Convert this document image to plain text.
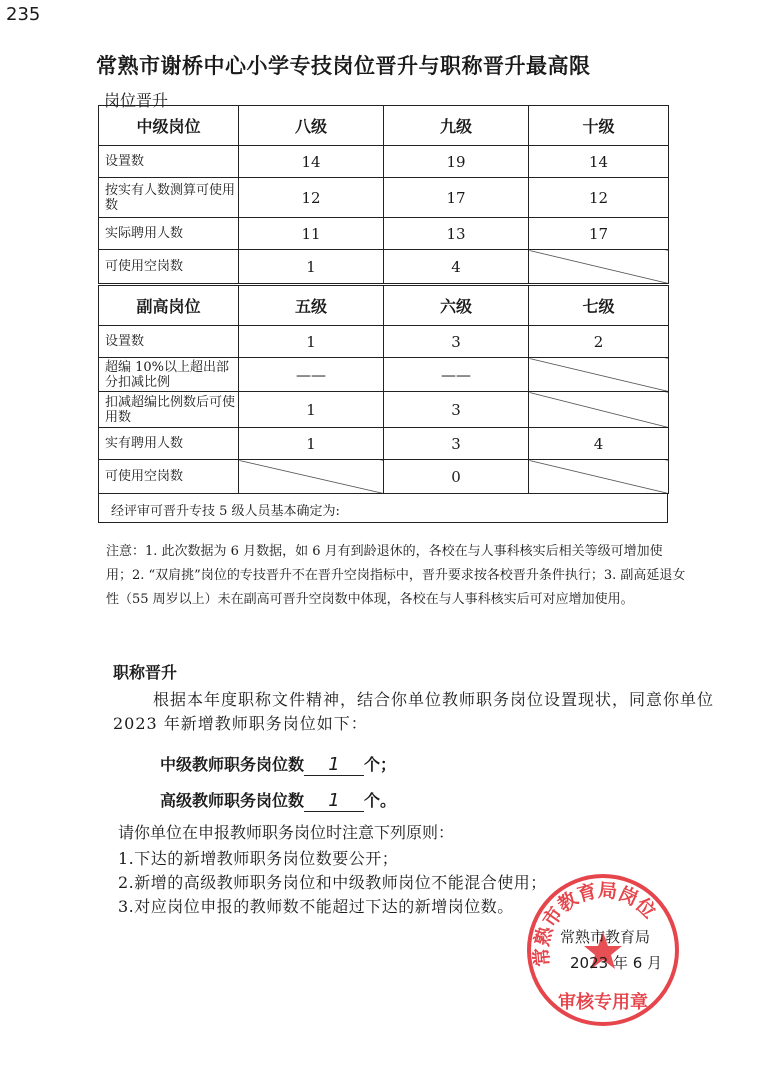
235
常熟市谢桥中心小学专技岗位晋升与职称晋升最高限
岗位晋升
中级岗位	八级	九级	十级
设置数	14	19	14
按实有人数测算可使用数	12	17	12
实际聘用人数	11	13	17
可使用空岗数	1	4	
副高岗位	五级	六级	七级
设置数	1	3	2
超编 10%以上超出部分扣减比例	——	——	
扣减超编比例数后可使用数	1	3	
实有聘用人数	1	3	4
可使用空岗数		0	
经评审可晋升专技 5 级人员基本确定为:
注意：1. 此次数据为 6 月数据，如 6 月有到龄退休的，各校在与人事科核实后相关等级可增加使用；2. “双肩挑”岗位的专技晋升不在晋升空岗指标中，晋升要求按各校晋升条件执行；3. 副高延退女性（55 周岁以上）未在副高可晋升空岗数中体现，各校在与人事科核实后可对应增加使用。
职称晋升
根据本年度职称文件精神，结合你单位教师职务岗位设置现状，同意你单位 2023 年新增教师职务岗位如下：
中级教师职务岗位数 1 个；
高级教师职务岗位数 1 个。
请你单位在申报教师职务岗位时注意下列原则：
1.下达的新增教师职务岗位数要公开；
2.新增的高级教师职务岗位和中级教师岗位不能混合使用；
3.对应岗位申报的教师数不能超过下达的新增岗位数。
常熟市教育局岗位
审核专用章
常熟市教育局
2023 年 6 月
